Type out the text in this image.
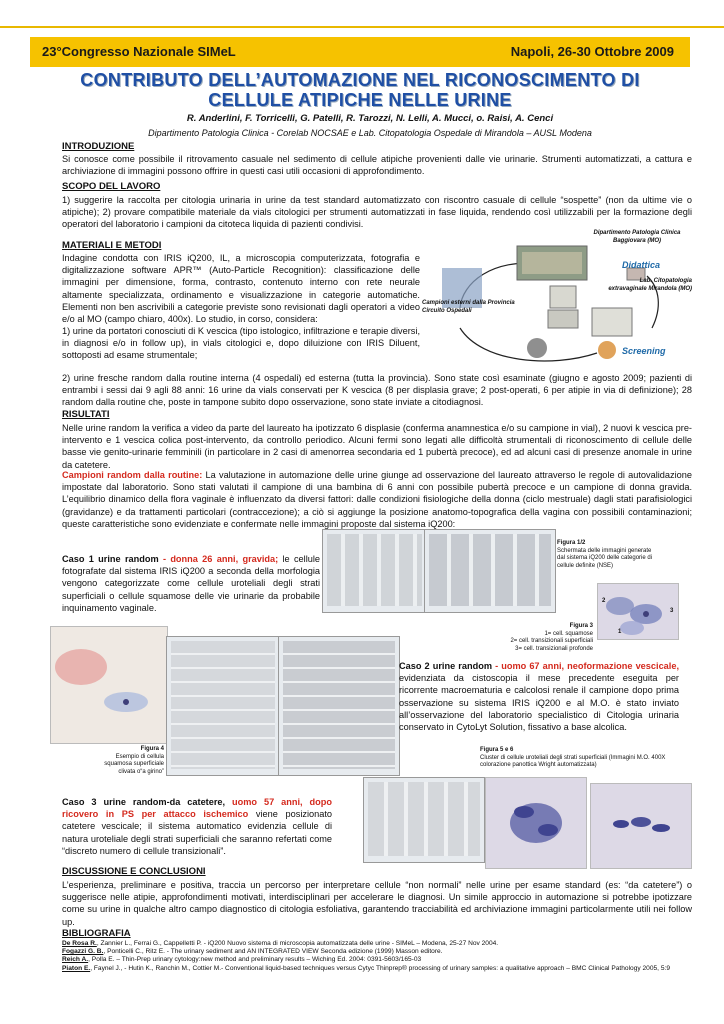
23°Congresso Nazionale SIMeL	Napoli, 26-30 Ottobre 2009
CONTRIBUTO DELL’AUTOMAZIONE NEL RICONOSCIMENTO DI
CELLULE ATIPICHE NELLE URINE
R. Anderlini, F. Torricelli, G. Patelli, R. Tarozzi, N. Lelli, A. Mucci, o. Raisi, A. Cenci
Dipartimento Patologia Clinica - Corelab NOCSAE e Lab. Citopatologia Ospedale di Mirandola – AUSL Modena
INTRODUZIONE
Si conosce come possibile il ritrovamento casuale nel sedimento di cellule atipiche provenienti dalle vie urinarie. Strumenti automatizzati, a cattura e archiviazione di immagini possono offrire in questi casi utili occasioni di approfondimento.
SCOPO DEL LAVORO
1) suggerire la raccolta per citologia urinaria in urine da test standard automatizzato con riscontro casuale di cellule “sospette” (non da ultime vie o atipiche); 2) provare compatibile materiale da vials citologici per strumenti automatizzati in fase liquida, rendendo così utilizzabili per la formazione degli operatori del laboratorio i campioni da citoteca liquida di pazienti condivisi.
MATERIALI E METODI
Indagine condotta con IRIS iQ200, IL, a microscopia computerizzata, fotografia e digitalizzazione software APR™ (Auto-Particle Recognition): classificazione delle immagini per dimensione, forma, contrasto, contenuto interno con rete neurale altamente specializzata, ordinamento e visualizzazione in categorie automatiche. Elementi non ben ascrivibili a categorie previste sono revisionati dagli operatori a video e/o al MO (campo chiaro, 400x). Lo studio, in corso, considera:
1) urine da portatori conosciuti di K vescica (tipo istologico, infiltrazione e terapie diversi, in diagnosi e/o in follow up), in vials citologici e, dopo diluizione con IRIS Diluent, sottoposti ad esame strumentale;
Dipartimento Patologia Clinica Baggiovara (MO)
Lab. Citopatologia extravaginale Mirandola (MO)
Campioni esterni dalla Provincia Circuito Ospedali
Didattica
Screening
2) urine fresche random dalla routine interna (4 ospedali) ed esterna (tutta la provincia). Sono state così esaminate (giugno e agosto 2009; pazienti di entrambi i sessi dai 9 agli 88 anni: 16 urine da vials conservati per K vescica (8 per displasia grave; 2 post-operati, 6 per atipie in via di definizione); 28 random dalla routine che, poste in tampone subito dopo osservazione, sono state inviate a citodiagnosi.
RISULTATI
Nelle urine random la verifica a video da parte del laureato ha ipotizzato 6 displasie (conferma anamnestica e/o su campione in vial), 2 nuovi k vescica pre-intervento e 1 vescica colica post-intervento, da controllo periodico. Alcuni fermi sono legati alle difficoltà strumentali di riconoscimento di cellule delle basse vie genito-urinarie femminili (in particolare in 2 casi di amenorrea secondaria ed 1 pubertà precoce), ed ad alcuni casi di presenze anomale in urine da catetere.
Campioni random dalla routine: La valutazione in automazione delle urine giunge ad osservazione del laureato attraverso le regole di autovalidazione impostate dal laboratorio. Sono stati valutati il campione di una bambina di 6 anni con possibile pubertà precoce e un campione di donna gravida. L’equilibrio dinamico della flora vaginale è influenzato da diversi fattori: dalle condizioni fisiologiche della donna (ciclo mestruale) dagli stati parafisiologici (gravidanze) e da trattamenti particolari (contraccezione); a ciò si aggiunge la posizione anatomo-topografica della vagina con possibili contaminazioni; queste caratteristiche sono evidenziate e confermate nelle immagini proposte dal sistema iQ200:
Caso 1 urine random - donna 26 anni, gravida; le cellule fotografate dal sistema IRIS iQ200 a seconda della morfologia vengono categorizzate come cellule uroteliali degli strati superficiali o cellule squamose delle vie urinarie da probabile inquinamento vaginale.
Figura 1/2
Schermata delle immagini generate dal sistema iQ200 delle categorie di cellule definite (NSE)
2
3
1
Figura 3
1= cell. squamose
2= cell. transizionali superficiali
3= cell. transizionali profonde
Figura 4
Esempio di cellula squamosa superficiale clivata o“a girino”
Caso 2 urine random - uomo 67 anni, neoformazione vescicale, evidenziata da cistoscopia il mese precedente eseguita per ricorrente macroematuria e calcolosi renale il campione dopo prima osservazione su sistema IRIS iQ200 e al M.O. è stato inviato all’osservazione del laboratorio specialistico di Citologia urinaria conservato in CytoLyt Solution, fissativo a base alcolica.
Figura 5 e 6
Cluster di cellule uroteliali degli strati superficiali (Immagini M.O. 400X colorazione panottica Wright automatizzata)
Caso 3 urine random-da catetere, uomo 57 anni, dopo ricovero in PS per attacco ischemico viene posizionato catetere vescicale; il sistema automatico evidenzia cellule di natura uroteliale degli strati superficiali che saranno refertati come “discreto numero di cellule transizionali”.
DISCUSSIONE E CONCLUSIONI
L’esperienza, preliminare e positiva, traccia un percorso per interpretare cellule “non normali” nelle urine per esame standard (es: “da catetere”) o suggerisce nelle atipie, approfondimenti motivati, interdisciplinari per accelerare le diagnosi. Un simile approccio in automazione si potrebbe ipotizzare come su urine in qualche altro campo diagnostico di citologia esfoliativa, garantendo tracciabilità ed archiviazione immagini particolarmente utili nei follow up.
BIBLIOGRAFIA
De Rosa R., Zannier L., Ferrai G., Cappelletti P. - iQ200 Nuovo sistema di microscopia automatizzata delle urine - SIMeL – Modena, 25-27 Nov 2004.
Fogazzi G. B., Ponticelli C., Ritz E. - The urinary sediment and AN INTEGRATED VIEW Seconda edizione (1999) Masson editore.
Reich A., Polla E. – Thin-Prep urinary cytology:new method and preliminary results – Wiching Ed. 2004: 0391-5603/165-03
Piaton E., Faynel J., - Hutin K., Ranchin M., Cottier M.- Conventional liquid-based techniques versus Cytyc Thinprep® processing of urinary samples: a qualitative approach – BMC Clinical Pathology 2005, 5:9
